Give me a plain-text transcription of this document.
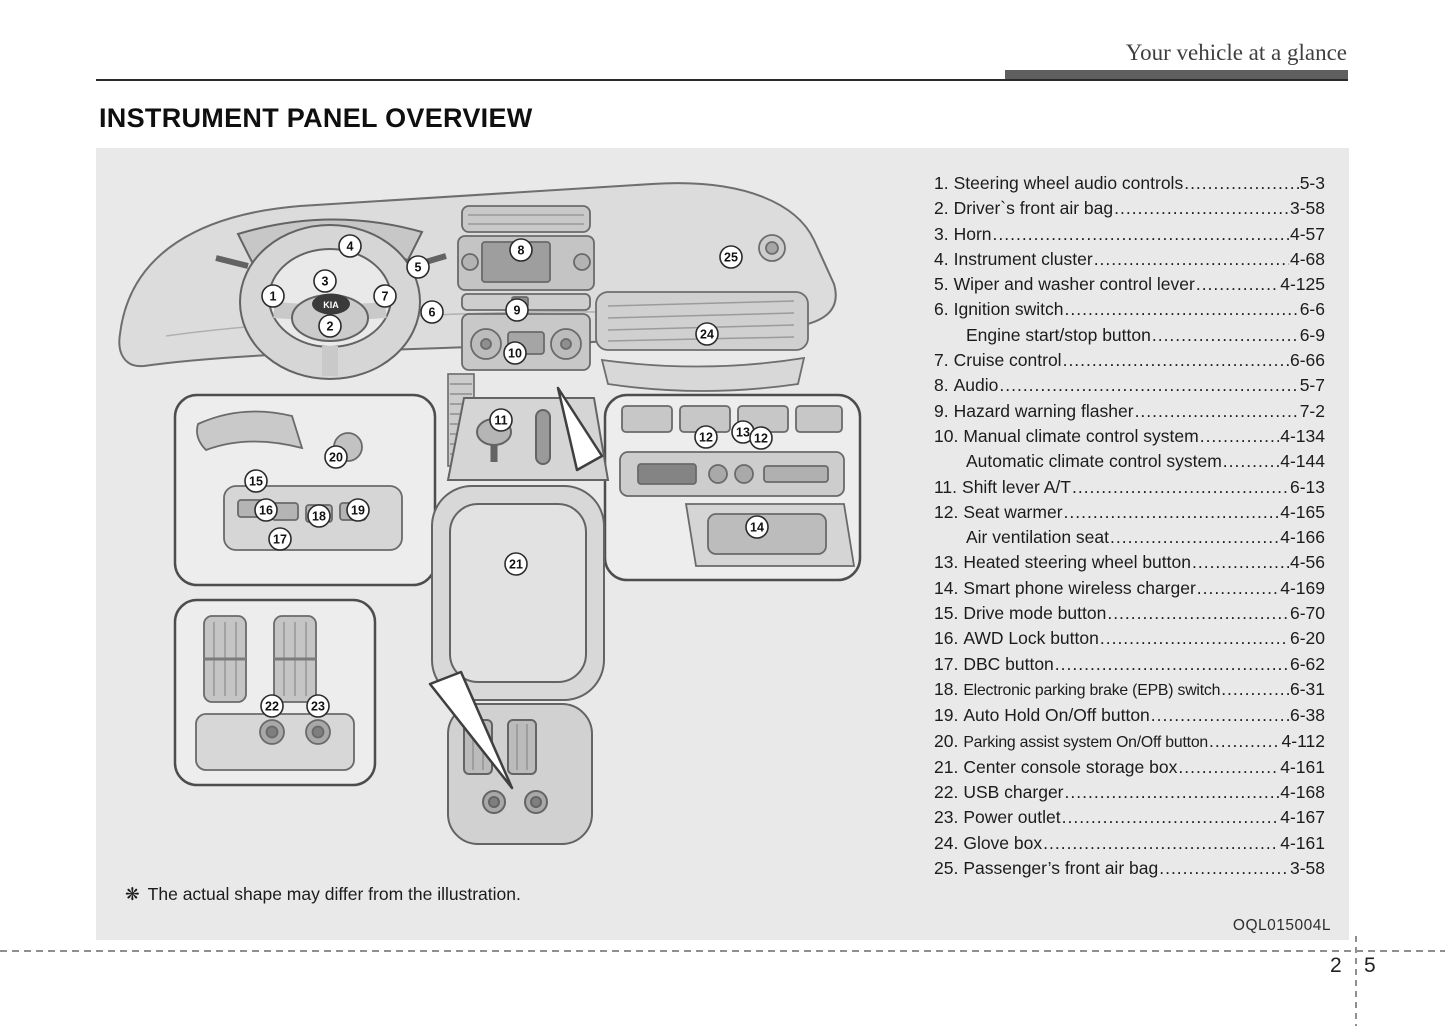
Your vehicle at a glance
INSTRUMENT PANEL OVERVIEW
KIA
1
2
3
4
5
6
7
8
9
10
11
12 13 12
14
15
16
17
18 19
20
21
22	23
24
25
1. Steering wheel audio controls .....	5-3
2. Driver`s front air bag .....	3-58
3. Horn .....	4-57
4. Instrument cluster .....	4-68
5. Wiper and washer control lever .....	4-125
6. Ignition switch .....	6-6
Engine start/stop button .....	6-9
7. Cruise control .....	6-66
8. Audio .....	5-7
9. Hazard warning flasher .....	7-2
10. Manual climate control system .....	4-134
Automatic climate control system .....	4-144
11. Shift lever A/T .....	6-13
12. Seat warmer .....	4-165
Air ventilation seat .....	4-166
13. Heated steering wheel button .....	4-56
14. Smart phone wireless charger .....	4-169
15. Drive mode button .....	6-70
16. AWD Lock button .....	6-20
17. DBC button .....	6-62
18. Electronic parking brake (EPB) switch .....	6-31
19. Auto Hold On/Off button .....	6-38
20. Parking assist system On/Off button .....	4-112
21. Center console storage box .....	4-161
22. USB charger .....	4-168
23. Power outlet .....	4-167
24. Glove box .....	4-161
25. Passenger’s front air bag .....	3-58
❋ The actual shape may differ from the illustration.
OQL015004L
2 5
